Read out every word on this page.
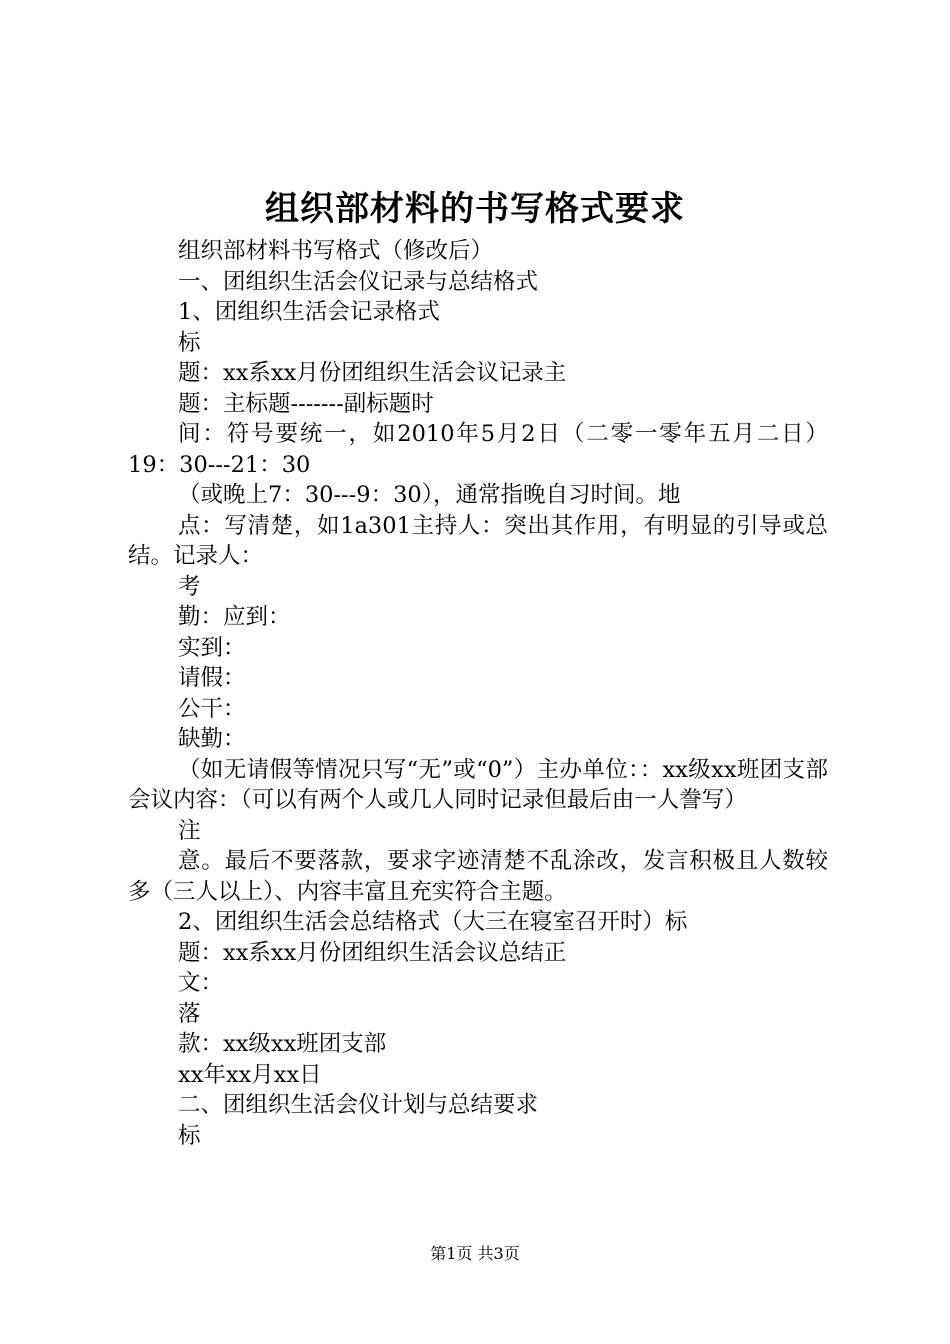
组织部材料的书写格式要求

组织部材料书写格式（修改后）

一、团组织生活会仪记录与总结格式

1、团组织生活会记录格式

标

题：xx系xx月份团组织生活会议记录主

题：主标题-------副标题时

间：符号要统一，如2010年5月2日（二零一零年五月二日）19：30---21：30

（或晚上7：30---9：30），通常指晚自习时间。地

点：写清楚，如1a301主持人：突出其作用，有明显的引导或总结。记录人：

考

勤：应到：

实到：

请假：

公干：

缺勤：

（如无请假等情况只写“无”或“0”）主办单位：：xx级xx班团支部会议内容：（可以有两个人或几人同时记录但最后由一人誊写）

注

意。最后不要落款，要求字迹清楚不乱涂改，发言积极且人数较多（三人以上）、内容丰富且充实符合主题。

2、团组织生活会总结格式（大三在寝室召开时）标

题：xx系xx月份团组织生活会议总结正

文：

落

款：xx级xx班团支部

xx年xx月xx日

二、团组织生活会仪计划与总结要求

标

第1页 共3页
